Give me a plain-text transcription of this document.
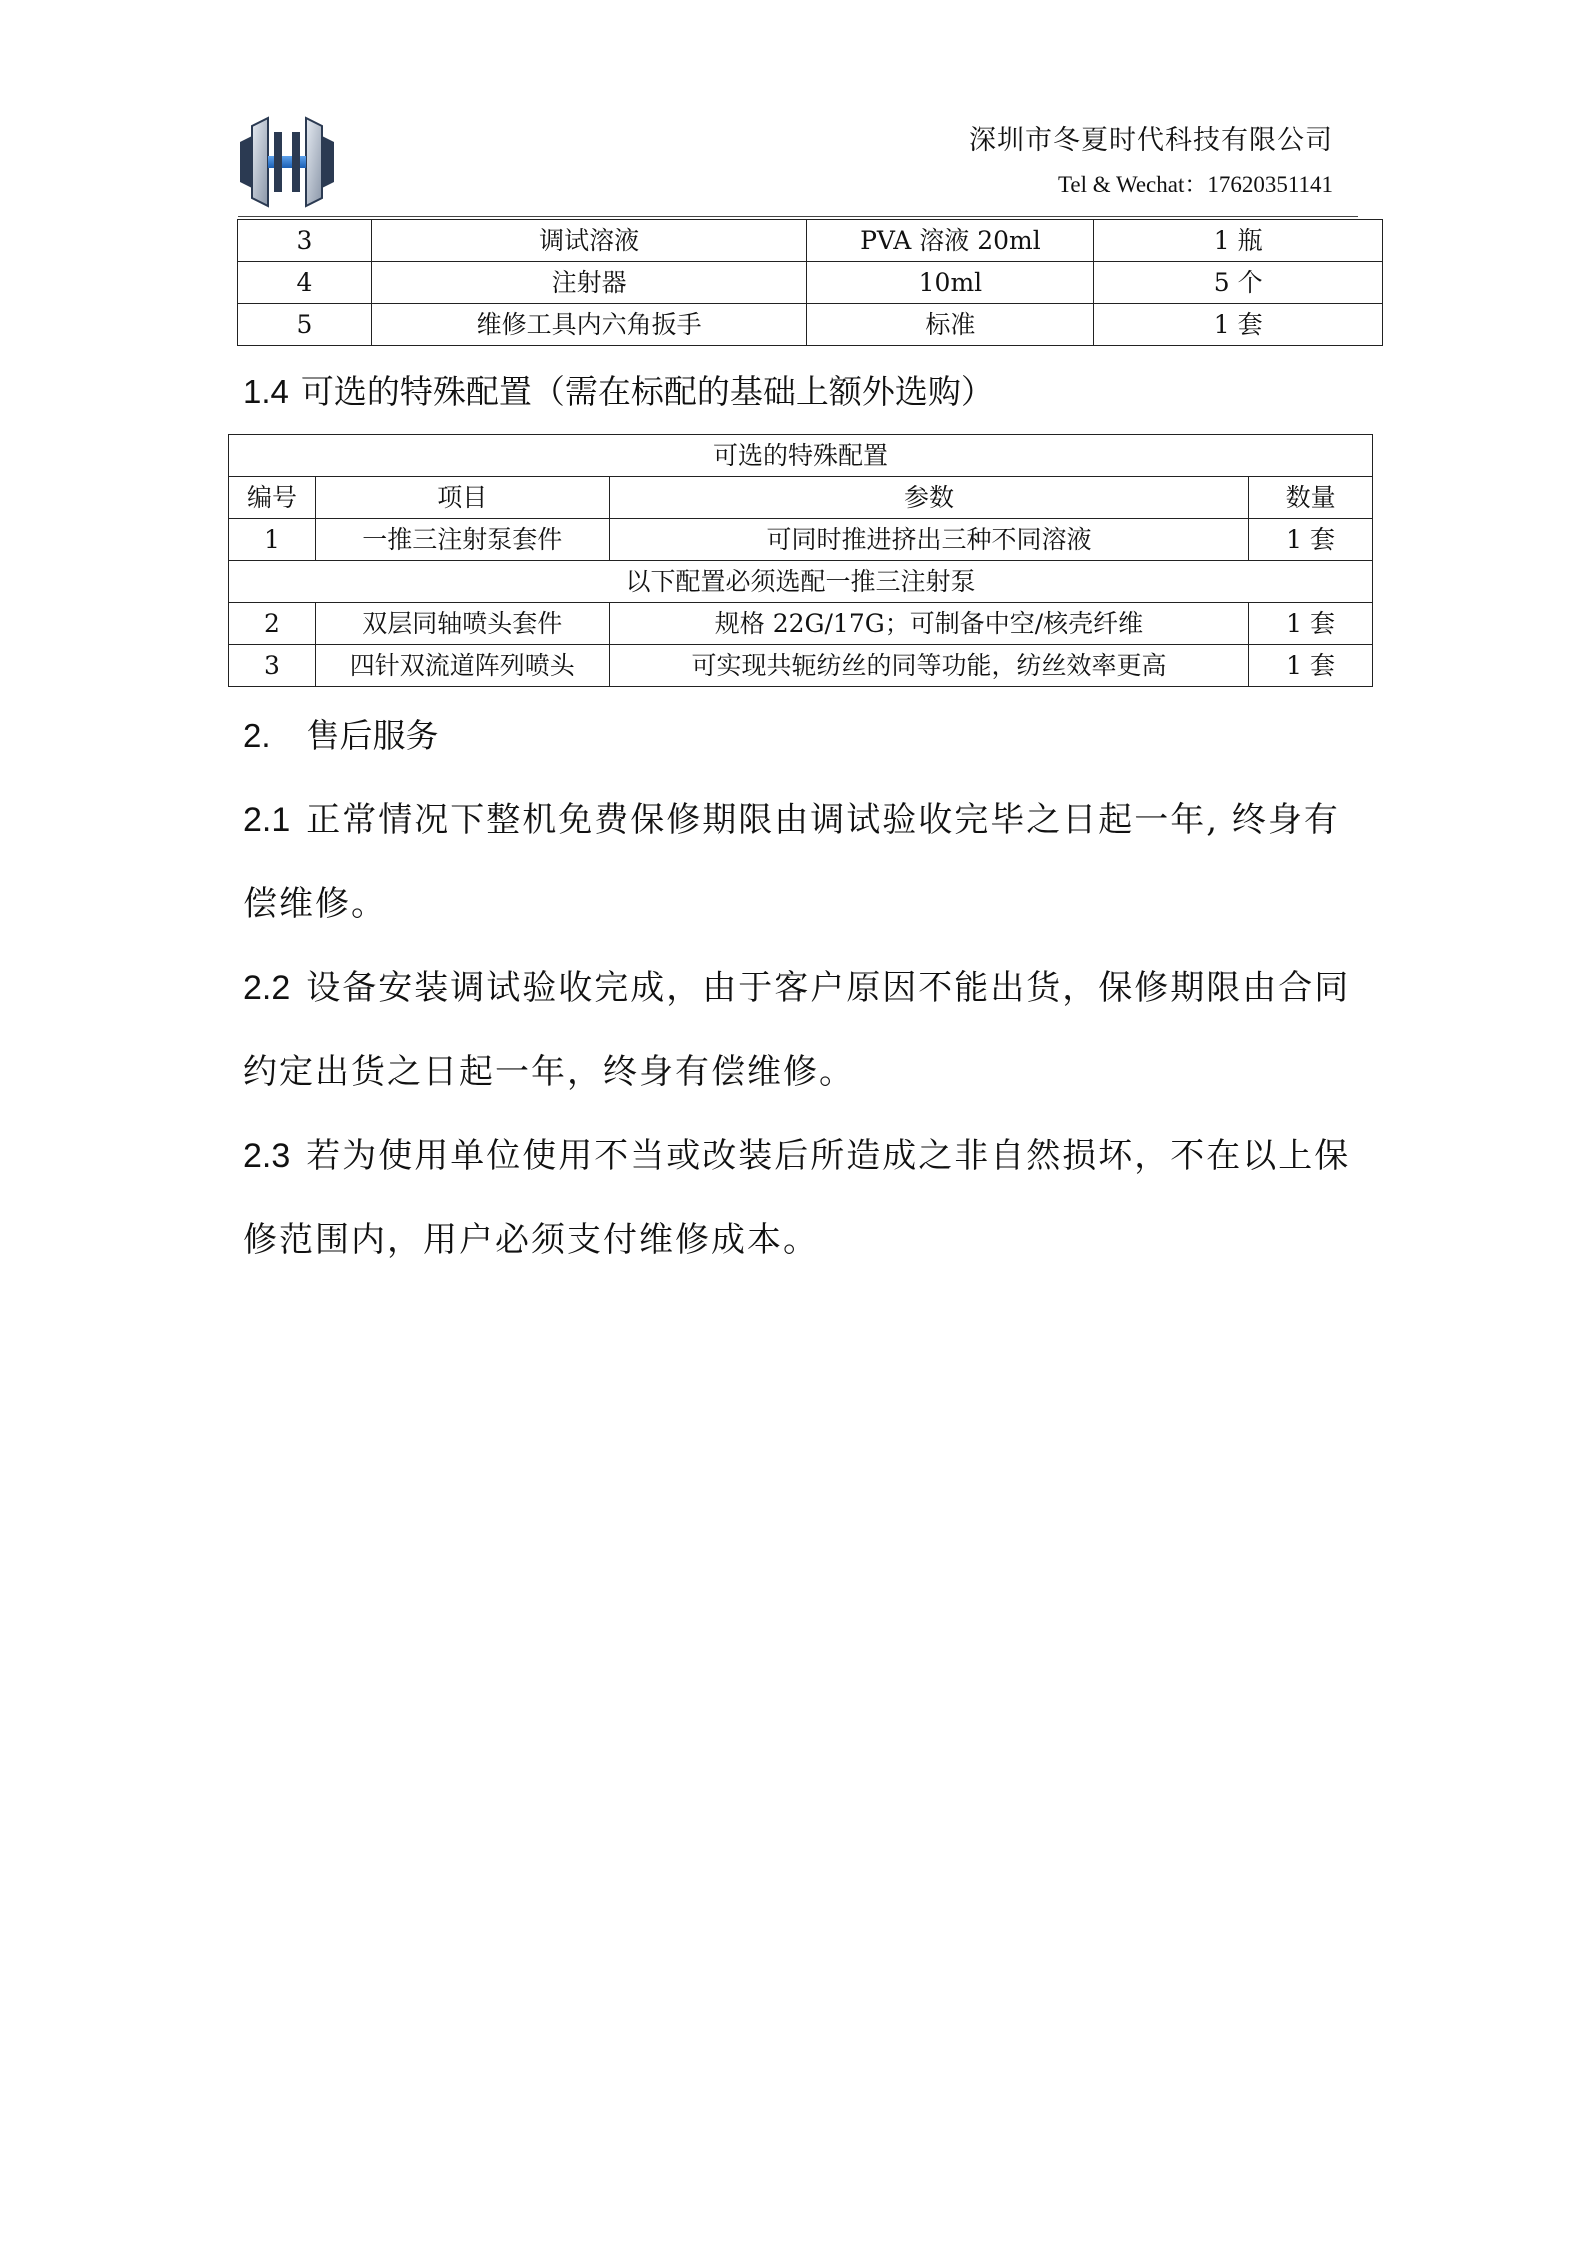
深圳市冬夏时代科技有限公司
Tel & Wechat：17620351141
3	调试溶液	PVA 溶液 20ml	1 瓶
4	注射器	10ml	5 个
5	维修工具内六角扳手	标准	1 套
1.4 可选的特殊配置（需在标配的基础上额外选购）
可选的特殊配置			
编号	项目	参数	数量
1	一推三注射泵套件	可同时推进挤出三种不同溶液	1 套
以下配置必须选配一推三注射泵			
2	双层同轴喷头套件	规格 22G/17G；可制备中空/核壳纤维	1 套
3	四针双流道阵列喷头	可实现共轭纺丝的同等功能，纺丝效率更高	1 套
2. 售后服务
2.1 正常情况下整机免费保修期限由调试验收完毕之日起一年, 终身有偿维修。
2.2 设备安装调试验收完成，由于客户原因不能出货，保修期限由合同约定出货之日起一年，终身有偿维修。
2.3 若为使用单位使用不当或改装后所造成之非自然损坏，不在以上保修范围内，用户必须支付维修成本。
